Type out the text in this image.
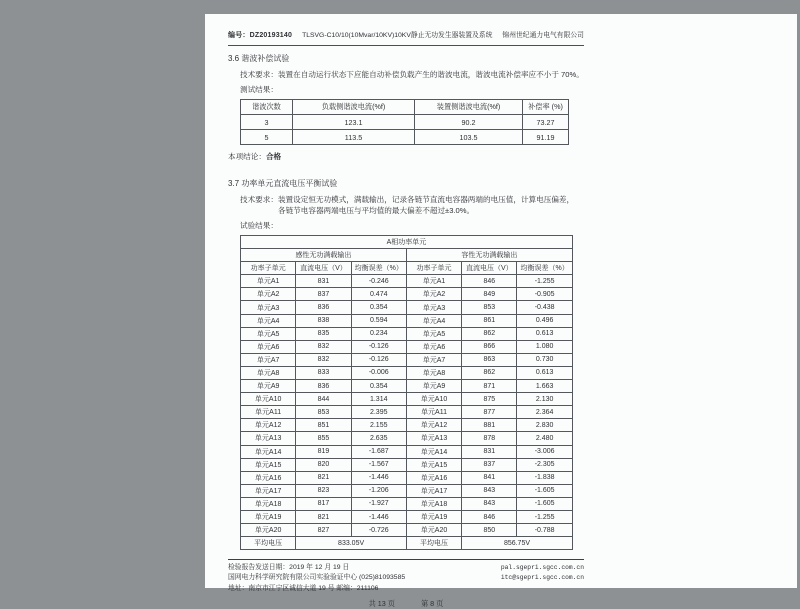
编号：DZ20193140 TLSVG-C10/10(10Mvar/10KV)10KV静止无功发生器装置及系统 锦州世纪通力电气有限公司
3.6 谐波补偿试验
技术要求：装置在自动运行状态下应能自动补偿负载产生的谐波电流，谐波电流补偿率应不小于 70%。
测试结果：
谐波次数	负载侧谐波电流(%f)	装置侧谐波电流(%f)	补偿率 (%)
3	123.1	90.2	73.27
5	113.5	103.5	91.19
本项结论：合格
3.7 功率单元直流电压平衡试验
技术要求：装置设定恒无功模式，满载输出，记录各链节直流电容器两端的电压值，计算电压偏差，
各链节电容器两端电压与平均值的最大偏差不超过±3.0%。
试验结果：
A相功率单元					
感性无功满载输出			容性无功满载输出		
功率子单元	直流电压（V）	均衡误差（%）	功率子单元	直流电压（V）	均衡误差（%）
单元A1	831	-0.246	单元A1	846	-1.255
单元A2	837	0.474	单元A2	849	-0.905
单元A3	836	0.354	单元A3	853	-0.438
单元A4	838	0.594	单元A4	861	0.496
单元A5	835	0.234	单元A5	862	0.613
单元A6	832	-0.126	单元A6	866	1.080
单元A7	832	-0.126	单元A7	863	0.730
单元A8	833	-0.006	单元A8	862	0.613
单元A9	836	0.354	单元A9	871	1.663
单元A10	844	1.314	单元A10	875	2.130
单元A11	853	2.395	单元A11	877	2.364
单元A12	851	2.155	单元A12	881	2.830
单元A13	855	2.635	单元A13	878	2.480
单元A14	819	-1.687	单元A14	831	-3.006
单元A15	820	-1.567	单元A15	837	-2.305
单元A16	821	-1.446	单元A16	841	-1.838
单元A17	823	-1.206	单元A17	843	-1.605
单元A18	817	-1.927	单元A18	843	-1.605
单元A19	821	-1.446	单元A19	846	-1.255
单元A20	827	-0.726	单元A20	850	-0.788
平均电压	833.05V		平均电压	856.75V	
检验报告发送日期：2019 年 12 月 19 日
国网电力科学研究院有限公司实验验证中心 (025)81093585
地址：南京市江宁区诚信大道 19 号 邮编：211106
pal.sgepri.sgcc.com.cn
itc@sgepri.sgcc.com.cn
共 13 页	第 8 页
